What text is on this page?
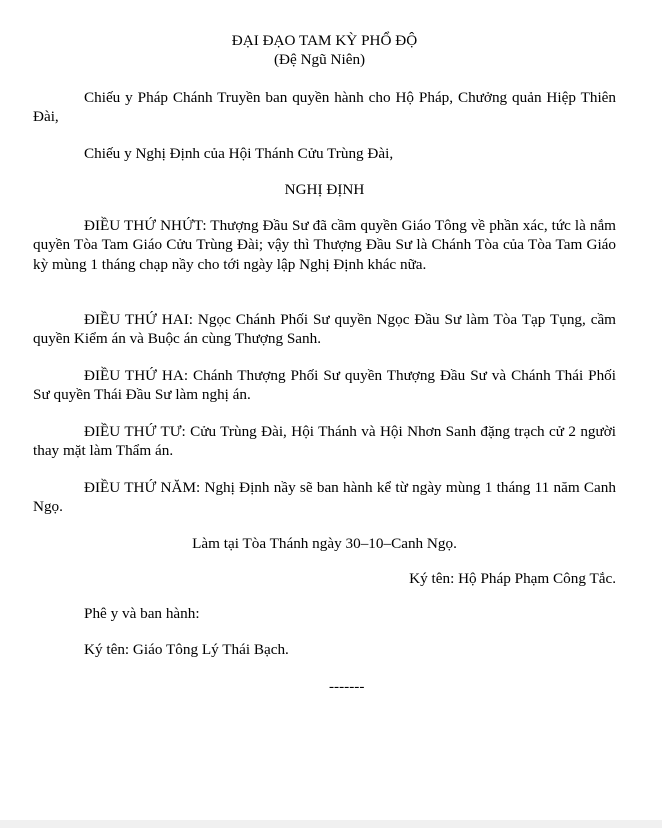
ĐẠI ĐẠO TAM KỲ PHỔ ĐỘ
(Đệ Ngũ Niên)
Chiếu y Pháp Chánh Truyền ban quyền hành cho Hộ Pháp, Chưởng quản Hiệp Thiên Đài,
Chiếu y Nghị Định của Hội Thánh Cửu Trùng Đài,
NGHỊ ĐỊNH
ĐIỀU THỨ NHỨT: Thượng Đầu Sư đã cầm quyền Giáo Tông về phần xác, tức là nắm quyền Tòa Tam Giáo Cửu Trùng Đài; vậy thì Thượng Đầu Sư là Chánh Tòa của Tòa Tam Giáo kỳ mùng 1 tháng chạp nầy cho tới ngày lập Nghị Định khác nữa.
ĐIỀU THỨ HAI: Ngọc Chánh Phối Sư quyền Ngọc Đầu Sư làm Tòa Tạp Tụng, cầm quyền Kiểm án và Buộc án cùng Thượng Sanh.
ĐIỀU THỨ HA: Chánh Thượng Phối Sư quyền Thượng Đầu Sư và Chánh Thái Phối Sư quyền Thái Đầu Sư làm nghị án.
ĐIỀU THỨ TƯ: Cửu Trùng Đài, Hội Thánh và Hội Nhơn Sanh đặng trạch cử 2 người thay mặt làm Thẩm án.
ĐIỀU THỨ NĂM: Nghị Định nầy sẽ ban hành kể từ ngày mùng 1 tháng 11 năm Canh Ngọ.
Làm tại Tòa Thánh ngày 30–10–Canh Ngọ.
Ký tên: Hộ Pháp Phạm Công Tắc.
Phê y và ban hành:
Ký tên: Giáo Tông Lý Thái Bạch.
-------
